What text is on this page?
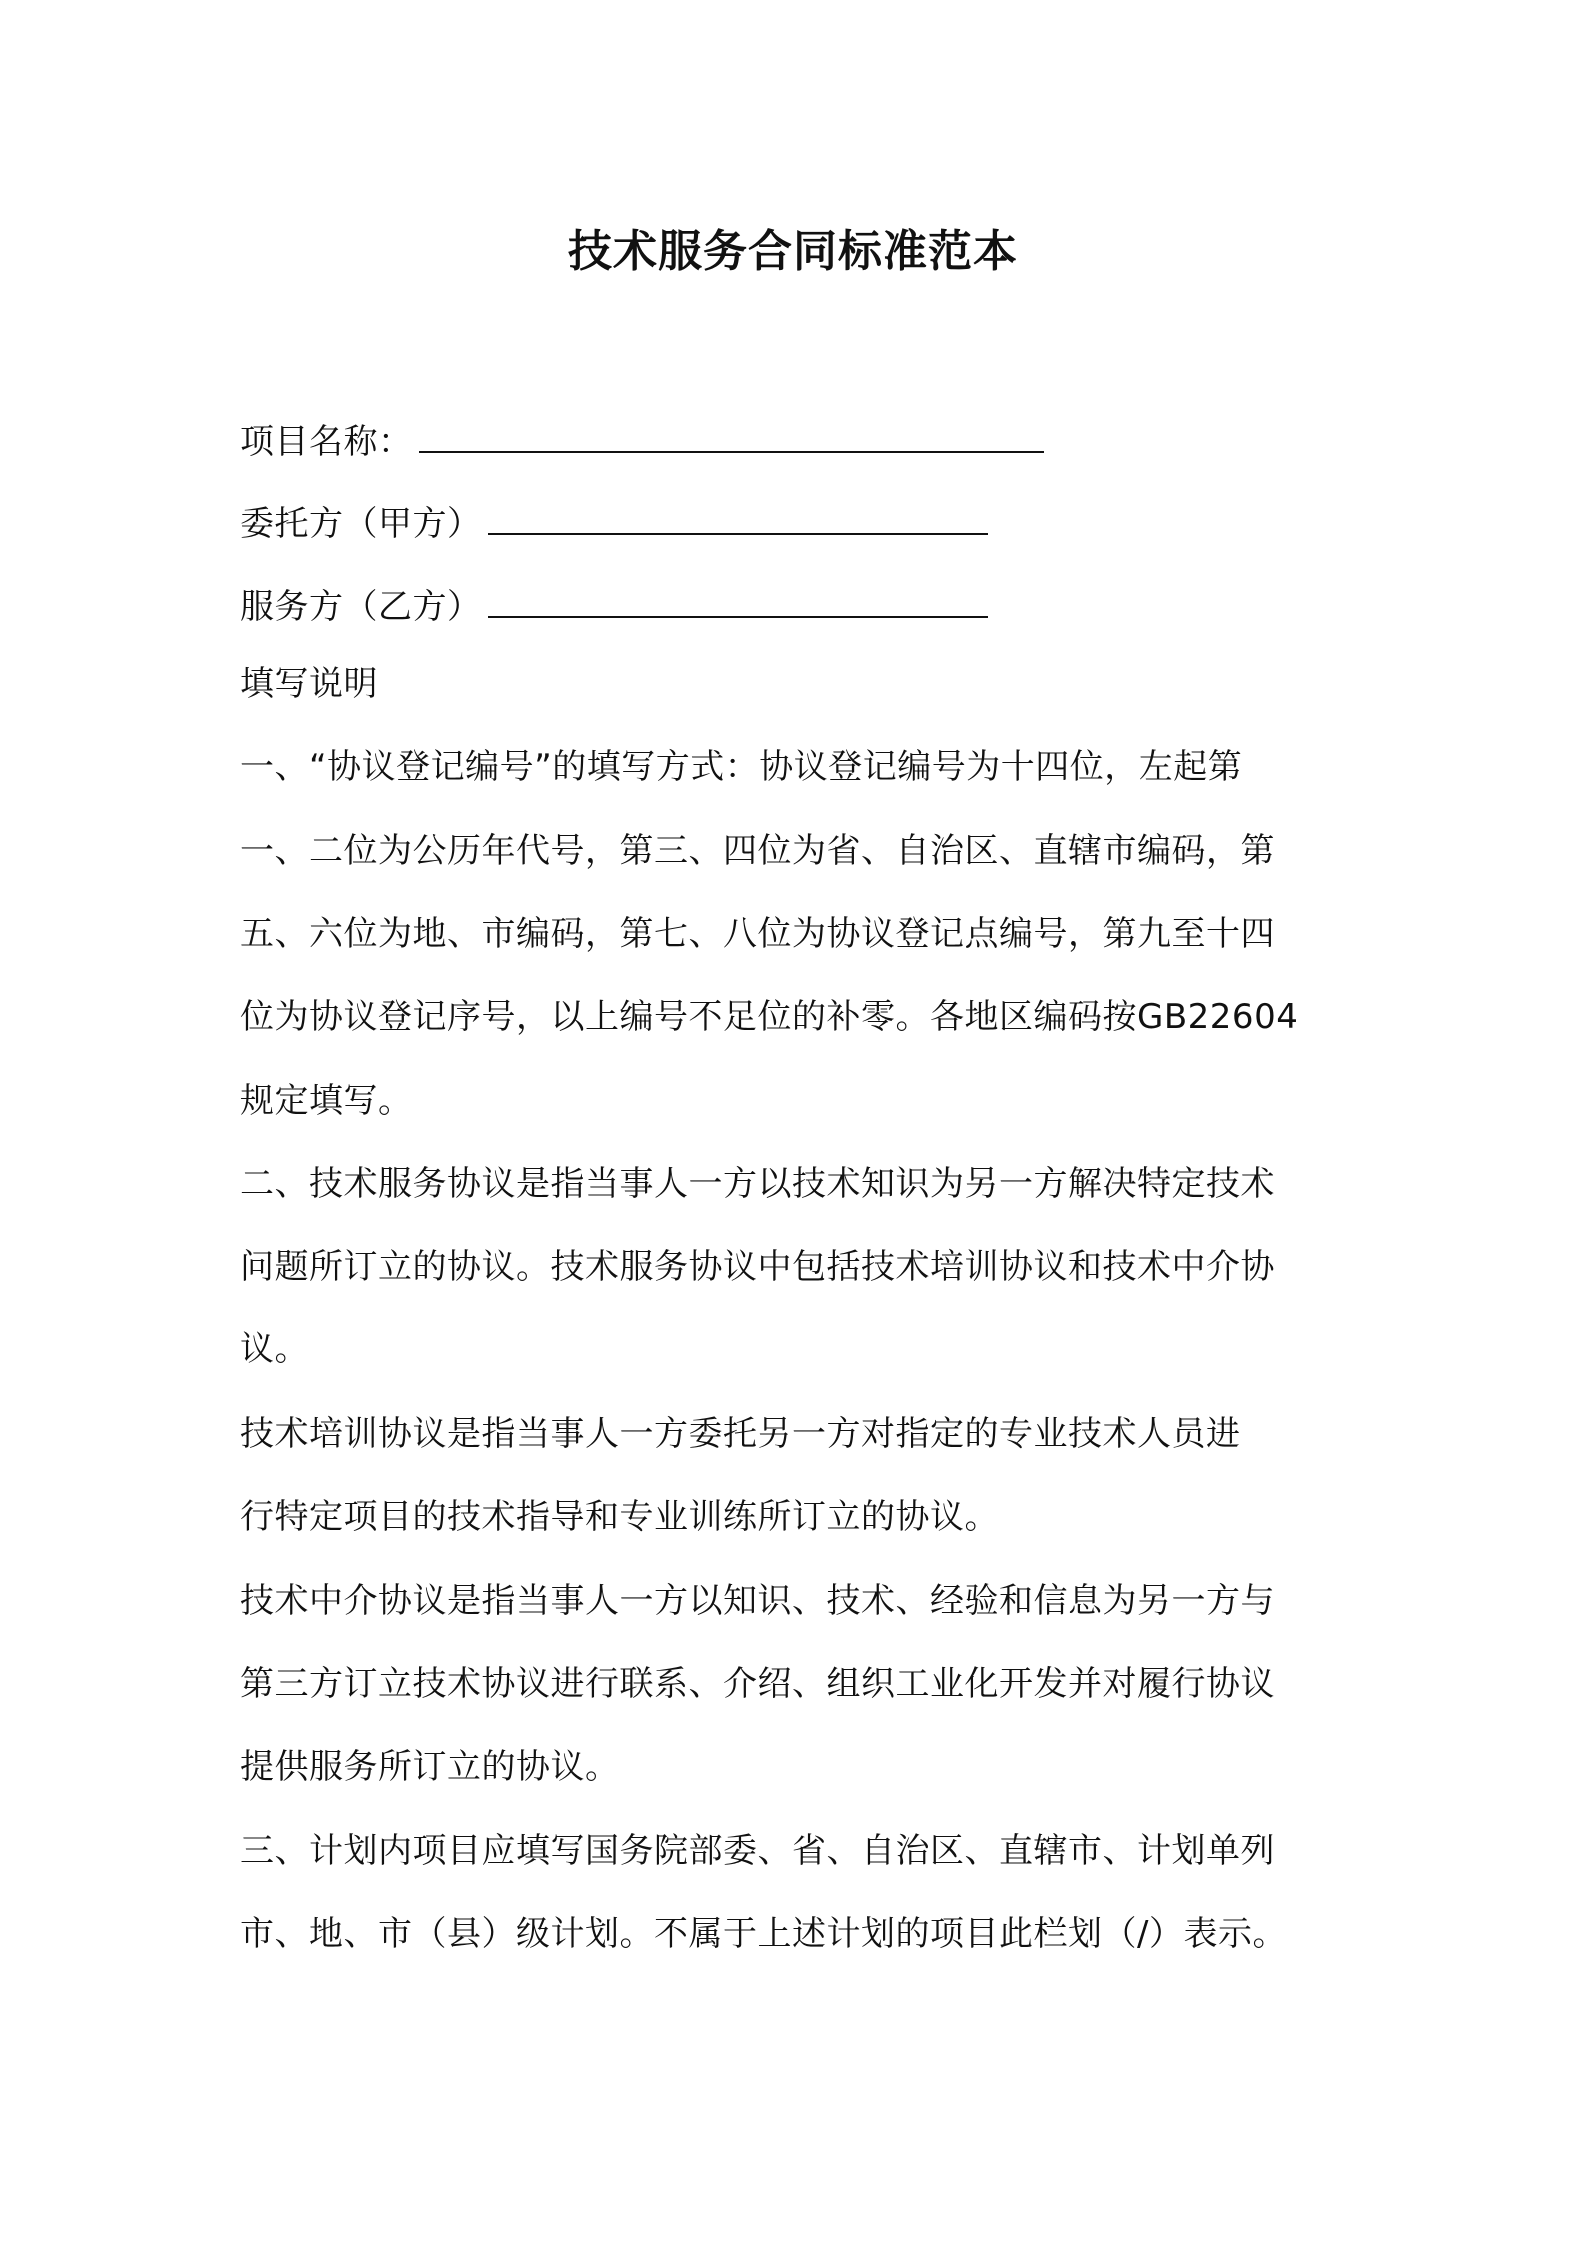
技术服务合同标准范本
项目名称：
委托方（甲方）
服务方（乙方）
填写说明
一、“协议登记编号”的填写方式：协议登记编号为十四位，左起第
一、二位为公历年代号，第三、四位为省、自治区、直辖市编码，第
五、六位为地、市编码，第七、八位为协议登记点编号，第九至十四
位为协议登记序号，以上编号不足位的补零。各地区编码按GB22604
规定填写。
二、技术服务协议是指当事人一方以技术知识为另一方解决特定技术
问题所订立的协议。技术服务协议中包括技术培训协议和技术中介协
议。
技术培训协议是指当事人一方委托另一方对指定的专业技术人员进
行特定项目的技术指导和专业训练所订立的协议。
技术中介协议是指当事人一方以知识、技术、经验和信息为另一方与
第三方订立技术协议进行联系、介绍、组织工业化开发并对履行协议
提供服务所订立的协议。
三、计划内项目应填写国务院部委、省、自治区、直辖市、计划单列
市、地、市（县）级计划。不属于上述计划的项目此栏划（/）表示。
